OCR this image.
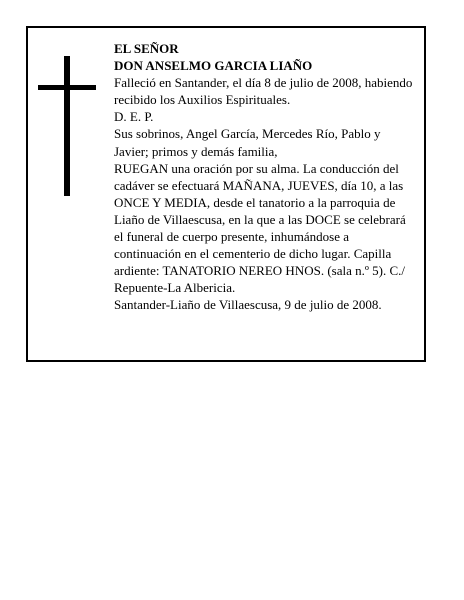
EL SEÑOR

DON ANSELMO GARCIA LIAÑO

Falleció en Santander, el día 8 de julio de 2008, habiendo recibido los Auxilios Espirituales.

D. E. P.

Sus sobrinos, Angel García, Mercedes Río, Pablo y Javier; primos y demás familia,

RUEGAN una oración por su alma. La conducción del cadáver se efectuará MAÑANA, JUEVES, día 10, a las ONCE Y MEDIA, desde el tanatorio a la parroquia de Liaño de Villaescusa, en la que a las DOCE se celebrará el funeral de cuerpo presente, inhumándose a continuación en el cementerio de dicho lugar. Capilla ardiente: TANATORIO NEREO HNOS. (sala n.º 5). C./ Repuente-La Albericia.

Santander-Liaño de Villaescusa, 9 de julio de 2008.
